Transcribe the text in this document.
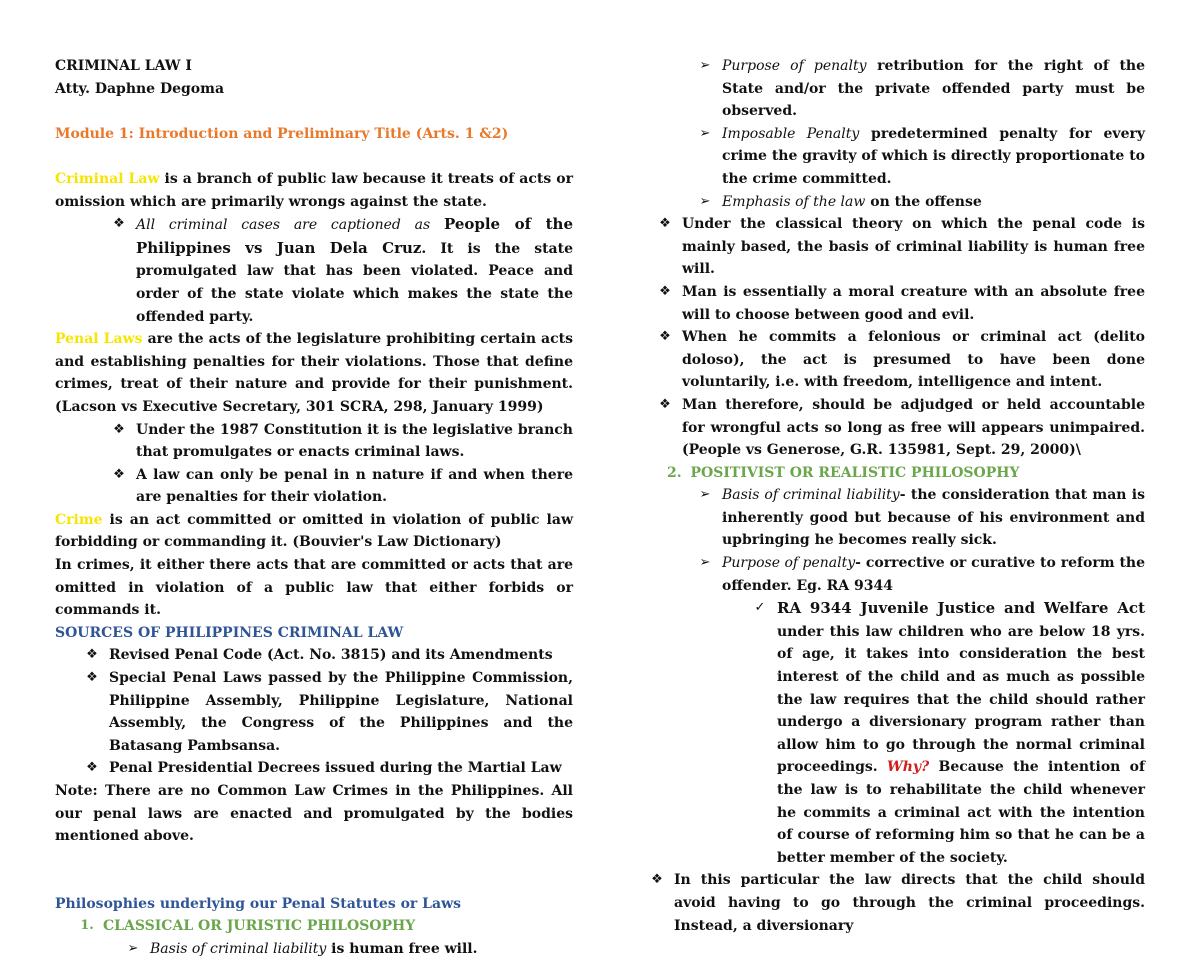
CRIMINAL LAW I

Atty. Daphne Degoma

Module 1: Introduction and Preliminary Title (Arts. 1 &2)

Criminal Law is a branch of public law because it treats of acts or omission which are primarily wrongs against the state.

❖ All criminal cases are captioned as People of the Philippines vs Juan Dela Cruz. It is the state promulgated law that has been violated. Peace and order of the state violate which makes the state the offended party.

Penal Laws are the acts of the legislature prohibiting certain acts and establishing penalties for their violations. Those that define crimes, treat of their nature and provide for their punishment. (Lacson vs Executive Secretary, 301 SCRA, 298, January 1999)

❖ Under the 1987 Constitution it is the legislative branch that promulgates or enacts criminal laws.
❖ A law can only be penal in n nature if and when there are penalties for their violation.

Crime is an act committed or omitted in violation of public law forbidding or commanding it. (Bouvier's Law Dictionary)

In crimes, it either there acts that are committed or acts that are omitted in violation of a public law that either forbids or commands it.

SOURCES OF PHILIPPINES CRIMINAL LAW

❖ Revised Penal Code (Act. No. 3815) and its Amendments
❖ Special Penal Laws passed by the Philippine Commission, Philippine Assembly, Philippine Legislature, National Assembly, the Congress of the Philippines and the Batasang Pambsansa.
❖ Penal Presidential Decrees issued during the Martial Law

Note: There are no Common Law Crimes in the Philippines. All our penal laws are enacted and promulgated by the bodies mentioned above.

Philosophies underlying our Penal Statutes or Laws

1. CLASSICAL OR JURISTIC PHILOSOPHY
➢ Basis of criminal liability is human free will.
➢ Purpose of penalty retribution for the right of the State and/or the private offended party must be observed.
➢ Imposable Penalty predetermined penalty for every crime the gravity of which is directly proportionate to the crime committed.
➢ Emphasis of the law on the offense
❖ Under the classical theory on which the penal code is mainly based, the basis of criminal liability is human free will.
❖ Man is essentially a moral creature with an absolute free will to choose between good and evil.
❖ When he commits a felonious or criminal act (delito doloso), the act is presumed to have been done voluntarily, i.e. with freedom, intelligence and intent.
❖ Man therefore, should be adjudged or held accountable for wrongful acts so long as free will appears unimpaired. (People vs Generose, G.R. 135981, Sept. 29, 2000)\
2. POSITIVIST OR REALISTIC PHILOSOPHY
➢ Basis of criminal liability- the consideration that man is inherently good but because of his environment and upbringing he becomes really sick.
➢ Purpose of penalty- corrective or curative to reform the offender. Eg. RA 9344
✓ RA 9344 Juvenile Justice and Welfare Act under this law children who are below 18 yrs. of age, it takes into consideration the best interest of the child and as much as possible the law requires that the child should rather undergo a diversionary program rather than allow him to go through the normal criminal proceedings. Why? Because the intention of the law is to rehabilitate the child whenever he commits a criminal act with the intention of course of reforming him so that he can be a better member of the society.
❖ In this particular the law directs that the child should avoid having to go through the criminal proceedings. Instead, a diversionary
